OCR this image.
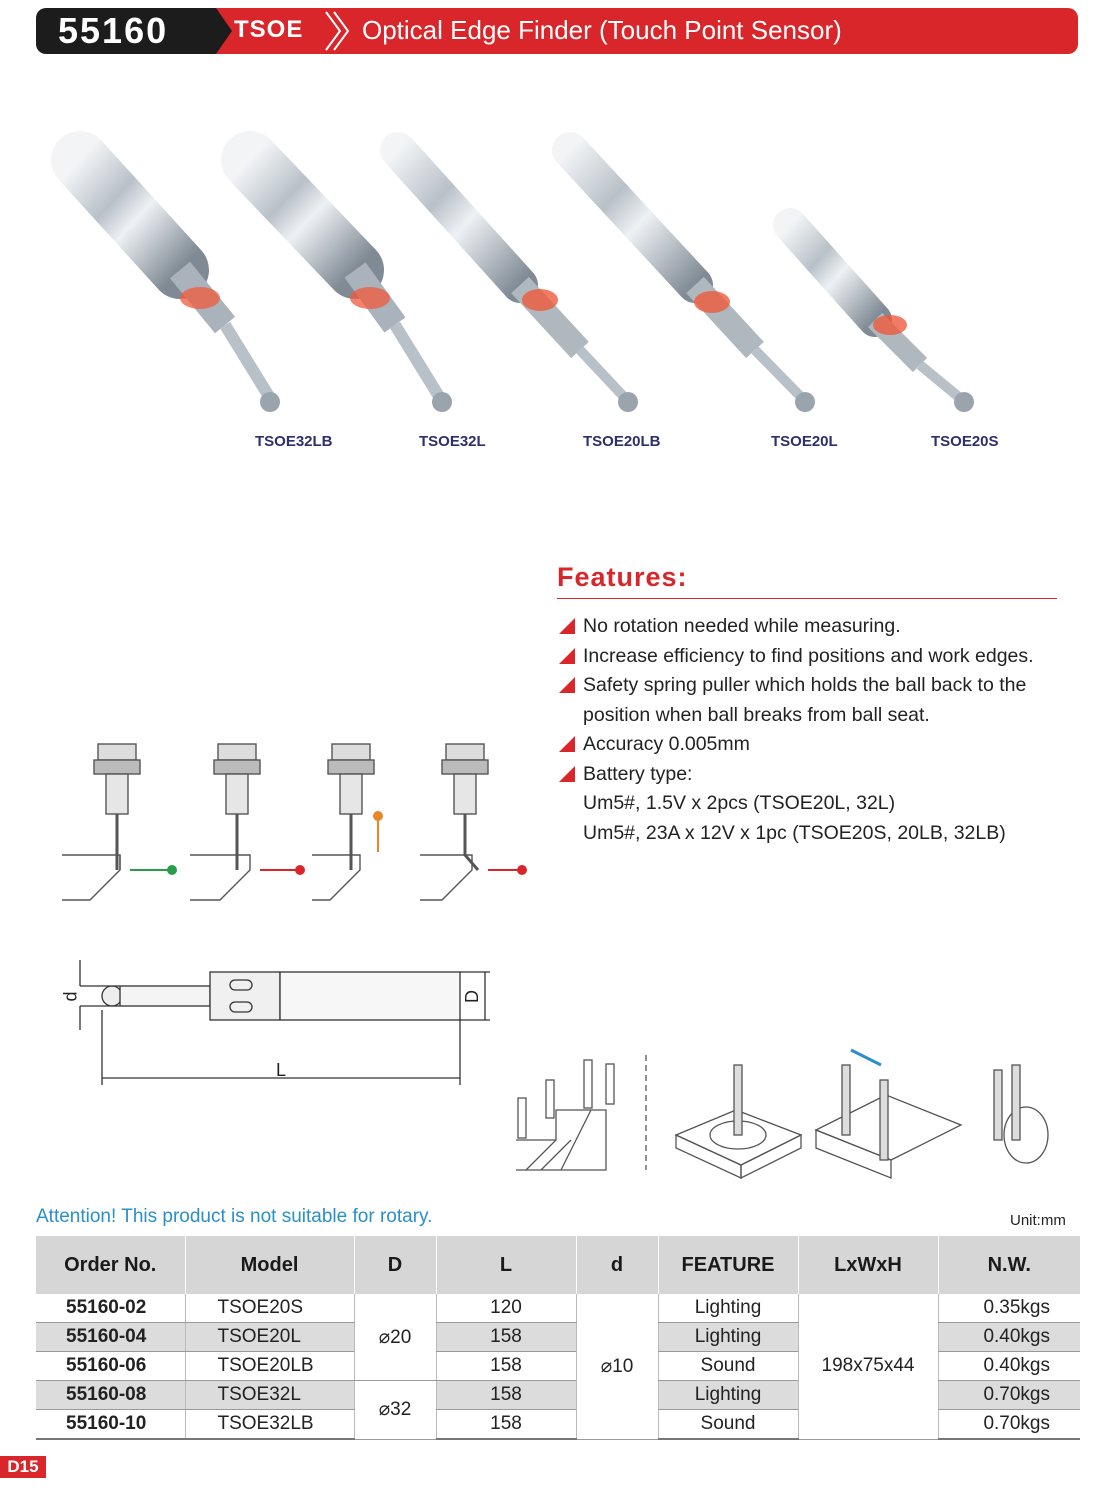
55160	TSOE Optical Edge Finder (Touch Point Sensor)
TSOE32LB	TSOE32L	TSOE20LB	TSOE20L	TSOE20S
Features:
No rotation needed while measuring.
Increase efficiency to find positions and work edges.
Safety spring puller which holds the ball back to the position when ball breaks from ball seat.
Accuracy 0.005mm
Battery type:
Um5#, 1.5V x 2pcs (TSOE20L, 32L)
Um5#, 23A x 12V x 1pc (TSOE20S, 20LB, 32LB)
d	D
L
Attention! This product is not suitable for rotary.	Unit:mm
Order No.	Model	D	L	d	FEATURE	LxWxH	N.W.
55160-02	TSOE20S	⌀20	120	⌀10	Lighting	198x75x44	0.35kgs
55160-04	TSOE20L		158		Lighting		0.40kgs
55160-06	TSOE20LB		158		Sound		0.40kgs
55160-08	TSOE32L	⌀32	158		Lighting		0.70kgs
55160-10	TSOE32LB		158		Sound		0.70kgs
D15
